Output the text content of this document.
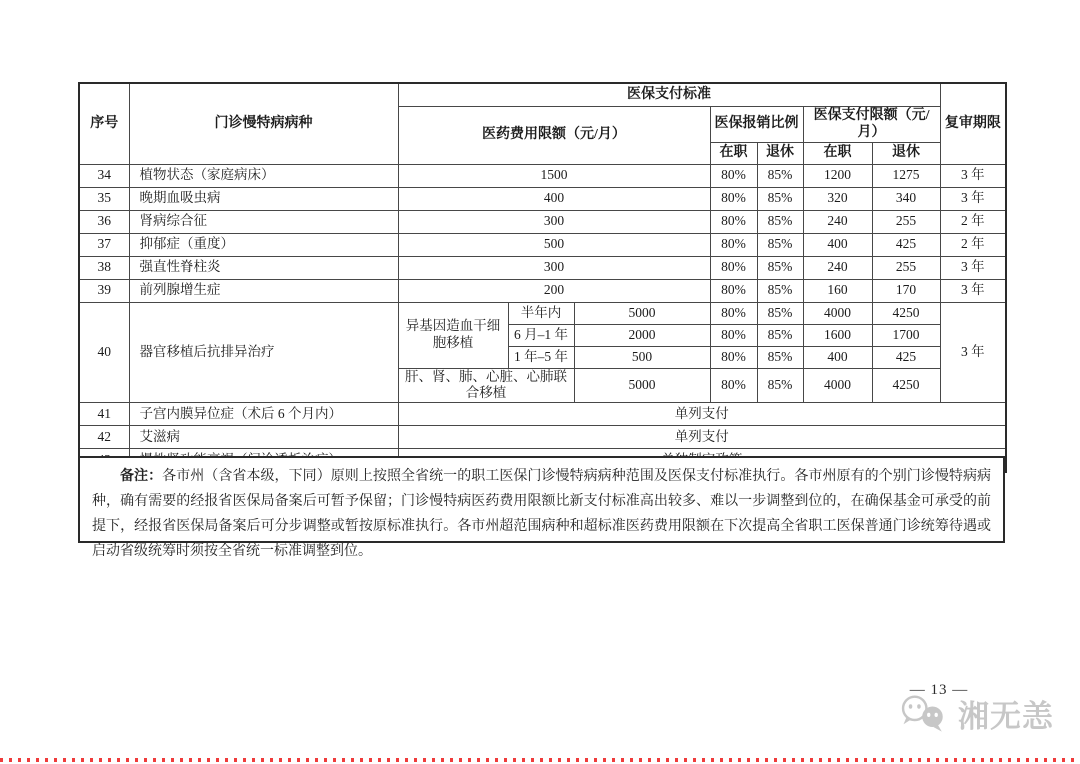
序号	门诊慢特病病种	医保支付标准							复审期限
		医药费用限额（元/月）			医保报销比例		医保支付限额（元/月）		
					在职	退休	在职	退休	
34	植物状态（家庭病床）	1500			80%	85%	1200	1275	3 年
35	晚期血吸虫病	400			80%	85%	320	340	3 年
36	肾病综合征	300			80%	85%	240	255	2 年
37	抑郁症（重度）	500			80%	85%	400	425	2 年
38	强直性脊柱炎	300			80%	85%	240	255	3 年
39	前列腺增生症	200			80%	85%	160	170	3 年
40	器官移植后抗排异治疗	异基因造血干细胞移植	半年内	5000	80%	85%	4000	4250	3 年
			6 月–1 年	2000	80%	85%	1600	1700	
			1 年–5 年	500	80%	85%	400	425	
		肝、肾、肺、心脏、心肺联合移植		5000	80%	85%	4000	4250	
41	子宫内膜异位症（术后 6 个月内）	单列支付							
42	艾滋病	单列支付							

备注：各市州（含省本级，下同）原则上按照全省统一的职工医保门诊慢特病病种范围及医保支付标准执行。各市州原有的个别门诊慢特病病种，确有需要的经报省医保局备案后可暂予保留；门诊慢特病医药费用限额比新支付标准高出较多、难以一步调整到位的，在确保基金可承受的前提下，经报省医保局备案后可分步调整或暂按原标准执行。各市州超范围病种和超标准医药费用限额在下次提高全省职工医保普通门诊统筹待遇或启动省级统筹时须按全省统一标准调整到位。

— 13 —
湘无恙
